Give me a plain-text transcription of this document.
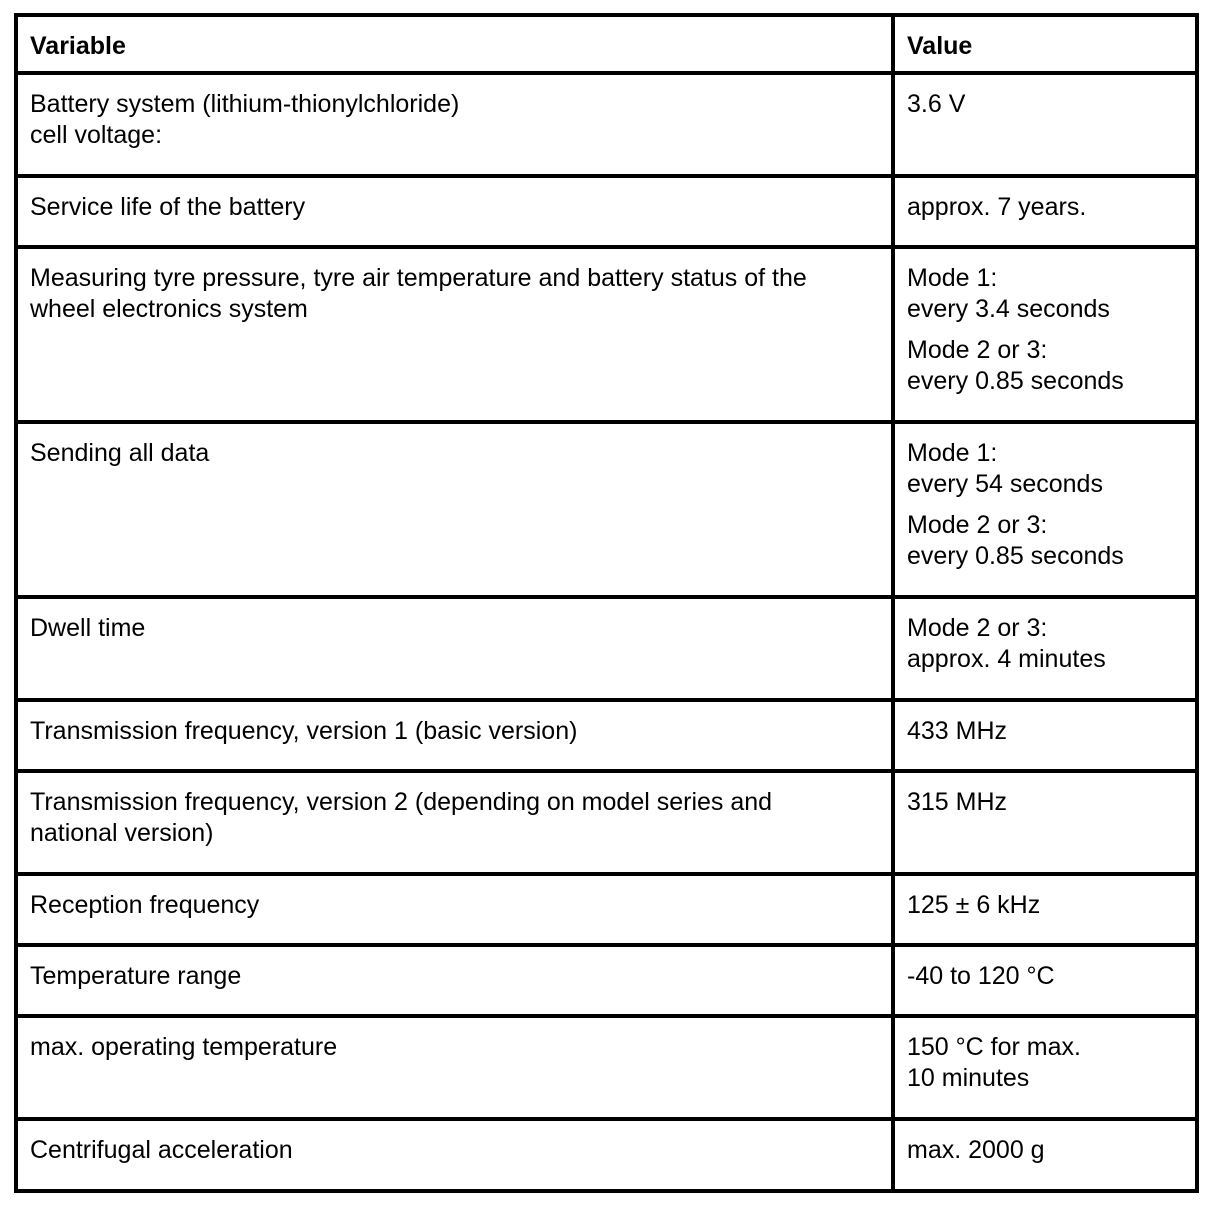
Variable	Value

Battery system (lithium-thionylchloride)
cell voltage:	3.6 V

Service life of the battery	approx. 7 years.

Measuring tyre pressure, tyre air temperature and battery status of the
wheel electronics system	Mode 1:
every 3.4 seconds
Mode 2 or 3:
every 0.85 seconds

Sending all data	Mode 1:
every 54 seconds
Mode 2 or 3:
every 0.85 seconds

Dwell time	Mode 2 or 3:
approx. 4 minutes

Transmission frequency, version 1 (basic version)	433 MHz

Transmission frequency, version 2 (depending on model series and
national version)	315 MHz

Reception frequency	125 ± 6 kHz

Temperature range	-40 to 120 °C

max. operating temperature	150 °C for max.
10 minutes

Centrifugal acceleration	max. 2000 g
